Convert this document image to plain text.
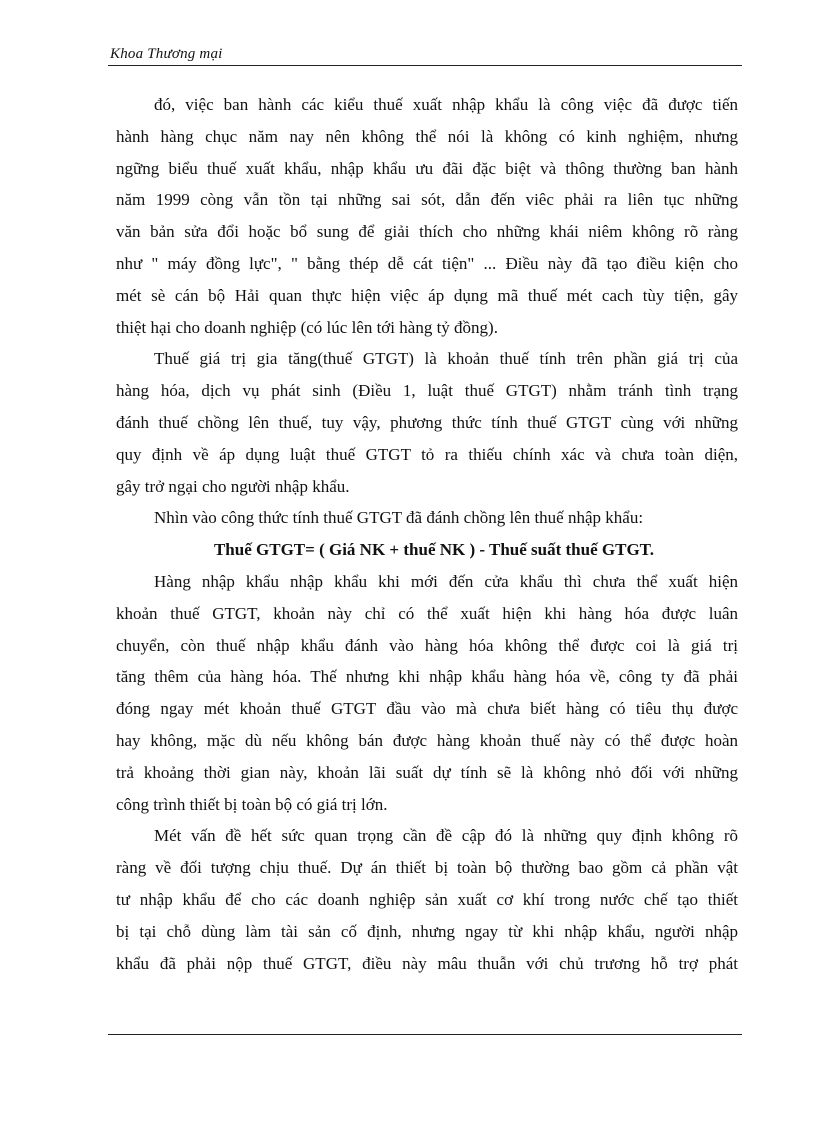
Khoa Thương mại
đó, việc ban hành các kiểu thuế xuất nhập khẩu là công việc đã được tiến
hành hàng chục năm nay nên không thể nói là không có kinh nghiệm, nhưng
ngững biểu thuế xuất khẩu, nhập khẩu ưu đãi đặc biệt và thông thường ban hành
năm 1999 còng vẫn tồn tại những sai sót, dẫn đến viêc phải ra liên tục những
văn bản sửa đổi hoặc bổ sung để giải thích cho những khái niêm không rõ ràng
như " máy đồng lực", " bằng thép dễ cát tiện" ... Điều này đã tạo điều kiện cho
mét sè cán bộ Hải quan thực hiện việc áp dụng mã thuế mét cach tùy tiện, gây
thiệt hại cho doanh nghiệp (có lúc lên tới hàng tỷ đồng).
Thuế giá trị gia tăng(thuế GTGT) là khoản thuế tính trên phần giá trị của
hàng hóa, dịch vụ phát sinh (Điều 1, luật thuế GTGT) nhằm tránh tình trạng
đánh thuế chồng lên thuế, tuy vậy, phương thức tính thuế GTGT cùng với những
quy định về áp dụng luật thuế GTGT tỏ ra thiếu chính xác và chưa toàn diện,
gây trở ngại cho người nhập khẩu.
Nhìn vào công thức tính thuế GTGT đã đánh chồng lên thuế nhập khẩu:
Thuế GTGT= ( Giá NK + thuế NK ) - Thuế suất thuế GTGT.
Hàng nhập khẩu nhập khẩu khi mới đến cửa khẩu thì chưa thể xuất hiện
khoản thuế GTGT, khoản này chỉ có thể xuất hiện khi hàng hóa được luân
chuyển, còn thuế nhập khẩu đánh vào hàng hóa không thể được coi là giá trị
tăng thêm của hàng hóa. Thế nhưng khi nhập khẩu hàng hóa về, công ty đã phải
đóng ngay mét khoản thuế GTGT đầu vào mà chưa biết hàng có tiêu thụ được
hay không, mặc dù nếu không bán được hàng khoản thuế này có thể được hoàn
trả khoảng thời gian này, khoản lãi suất dự tính sẽ là không nhỏ đối với những
công trình thiết bị toàn bộ có giá trị lớn.
Mét vấn đề hết sức quan trọng cần đề cập đó là những quy định không rõ
ràng về đối tượng chịu thuế. Dự án thiết bị toàn bộ thường bao gồm cả phần vật
tư nhập khẩu để cho các doanh nghiệp sản xuất cơ khí trong nước chế tạo thiết
bị tại chỗ dùng làm tài sản cố định, nhưng ngay từ khi nhập khẩu, người nhập
khẩu đã phải nộp thuế GTGT, điều này mâu thuẫn với chủ trương hỗ trợ phát
